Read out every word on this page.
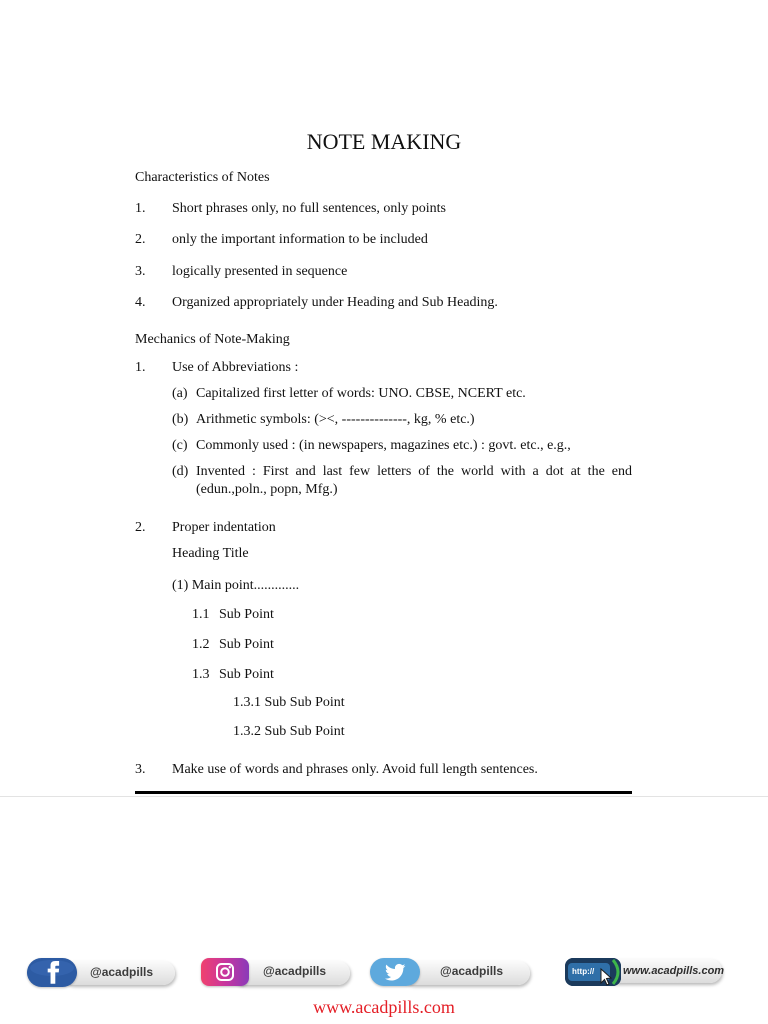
NOTE MAKING
Characteristics of Notes
1. Short phrases only, no full sentences, only points
2. only the important information to be included
3. logically presented in sequence
4. Organized appropriately under Heading and Sub Heading.
Mechanics of Note-Making
1. Use of Abbreviations :
(a) Capitalized first letter of words: UNO. CBSE, NCERT etc.
(b) Arithmetic symbols: (><, --------------, kg, % etc.)
(c) Commonly used : (in newspapers, magazines etc.) : govt. etc., e.g.,
(d) Invented : First and last few letters of the world with a dot at the end (edun.,poln., popn, Mfg.)
2. Proper indentation
Heading Title
(1) Main point.............
1.1 Sub Point
1.2 Sub Point
1.3 Sub Point
1.3.1 Sub Sub Point
1.3.2 Sub Sub Point
3. Make use of words and phrases only. Avoid full length sentences.
@acadpills	@acadpills	@acadpills	http://	www.acadpills.com
www.acadpills.com
